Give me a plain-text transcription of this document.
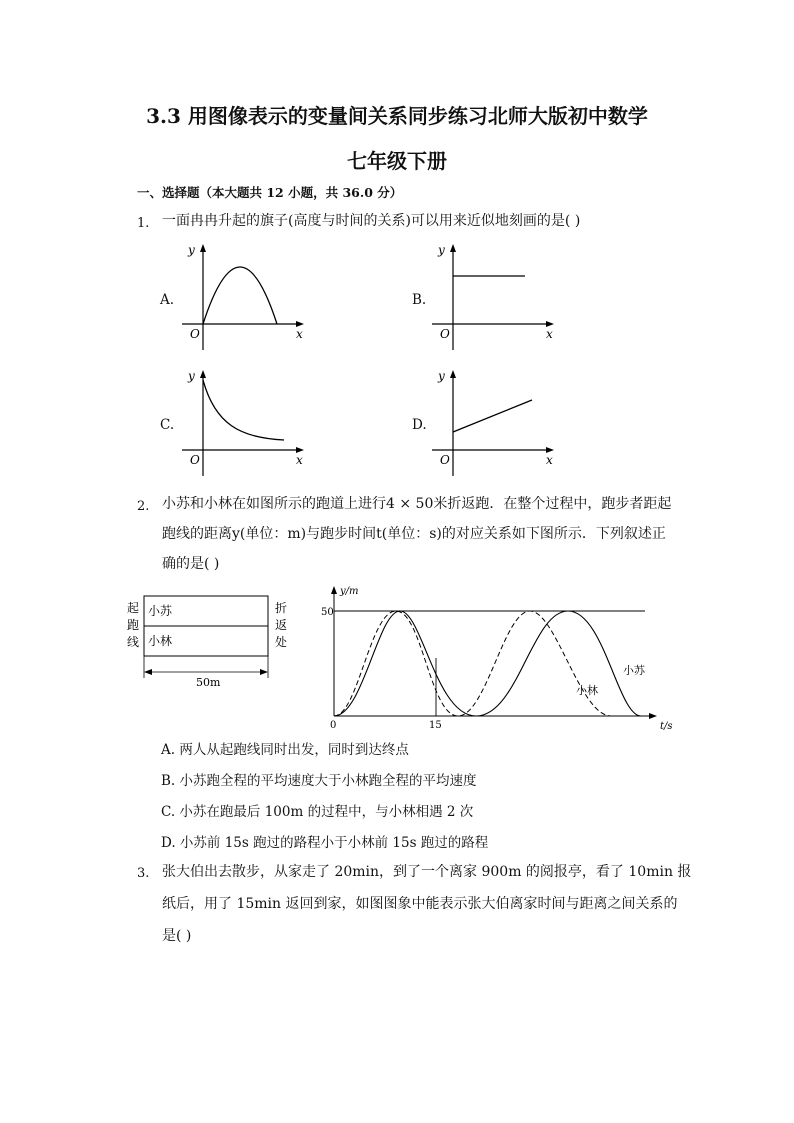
3.3 用图像表示的变量间关系同步练习北师大版初中数学
七年级下册
一、选择题（本大题共 12 小题，共 36.0 分）
1. 一面冉冉升起的旗子(高度与时间的关系)可以用来近似地刻画的是( )
A.	B.
C.	D.
y
x
O
y
x
O
y
x
O
y
x
O
2. 小苏和小林在如图所示的跑道上进行4 × 50米折返跑．在整个过程中，跑步者距起
跑线的距离y(单位：m)与跑步时间t(单位：s)的对应关系如下图所示．下列叙述正
确的是( )
小苏
小林
50m
起 跑 线
折 返 处
y/m
t/s
50
0	15
小苏
小林
A. 两人从起跑线同时出发，同时到达终点
B. 小苏跑全程的平均速度大于小林跑全程的平均速度
C. 小苏在跑最后 100m 的过程中，与小林相遇 2 次
D. 小苏前 15s 跑过的路程小于小林前 15s 跑过的路程
3. 张大伯出去散步，从家走了 20min，到了一个离家 900m 的阅报亭，看了 10min 报
纸后，用了 15min 返回到家，如图图象中能表示张大伯离家时间与距离之间关系的
是( )
